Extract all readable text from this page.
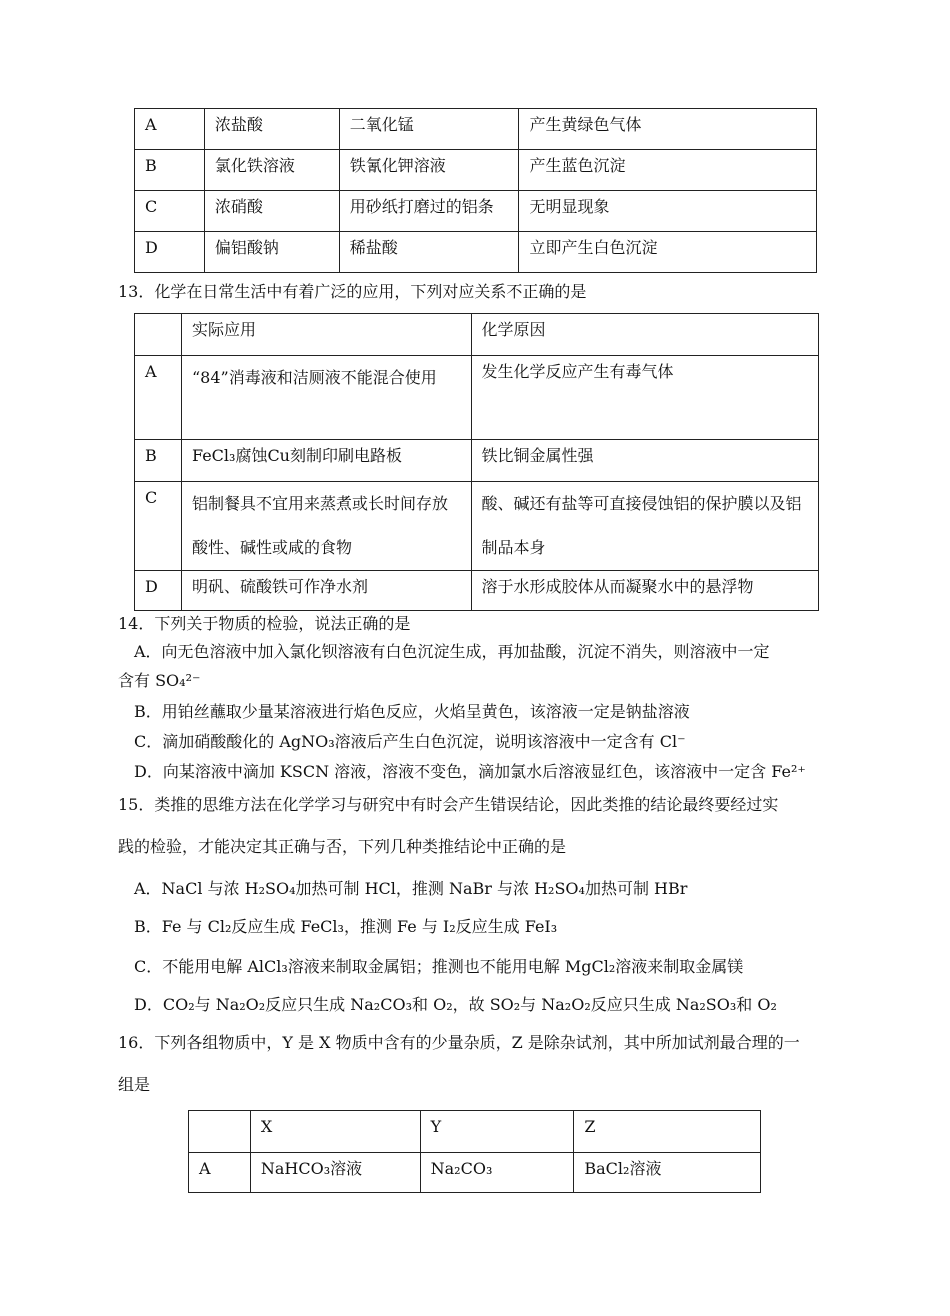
A	浓盐酸	二氧化锰	产生黄绿色气体
B	氯化铁溶液	铁氰化钾溶液	产生蓝色沉淀
C	浓硝酸	用砂纸打磨过的铝条	无明显现象
D	偏铝酸钠	稀盐酸	立即产生白色沉淀
13．化学在日常生活中有着广泛的应用，下列对应关系不正确的是
	实际应用	化学原因
A	“84”消毒液和洁厕液不能混合使用	发生化学反应产生有毒气体
B	FeCl₃腐蚀Cu刻制印刷电路板	铁比铜金属性强
C	铝制餐具不宜用来蒸煮或长时间存放酸性、碱性或咸的食物	酸、碱还有盐等可直接侵蚀铝的保护膜以及铝制品本身
D	明矾、硫酸铁可作净水剂	溶于水形成胶体从而凝聚水中的悬浮物
14．下列关于物质的检验，说法正确的是
A．向无色溶液中加入氯化钡溶液有白色沉淀生成，再加盐酸，沉淀不消失，则溶液中一定
含有 SO₄²⁻
B．用铂丝蘸取少量某溶液进行焰色反应，火焰呈黄色，该溶液一定是钠盐溶液
C．滴加硝酸酸化的 AgNO₃溶液后产生白色沉淀，说明该溶液中一定含有 Cl⁻
D．向某溶液中滴加 KSCN 溶液，溶液不变色，滴加氯水后溶液显红色，该溶液中一定含 Fe²⁺
15．类推的思维方法在化学学习与研究中有时会产生错误结论，因此类推的结论最终要经过实
践的检验，才能决定其正确与否，下列几种类推结论中正确的是
A．NaCl 与浓 H₂SO₄加热可制 HCl，推测 NaBr 与浓 H₂SO₄加热可制 HBr
B．Fe 与 Cl₂反应生成 FeCl₃，推测 Fe 与 I₂反应生成 FeI₃
C．不能用电解 AlCl₃溶液来制取金属铝；推测也不能用电解 MgCl₂溶液来制取金属镁
D．CO₂与 Na₂O₂反应只生成 Na₂CO₃和 O₂，故 SO₂与 Na₂O₂反应只生成 Na₂SO₃和 O₂
16．下列各组物质中，Y 是 X 物质中含有的少量杂质，Z 是除杂试剂，其中所加试剂最合理的一
组是
	X	Y	Z
A	NaHCO₃溶液	Na₂CO₃	BaCl₂溶液
